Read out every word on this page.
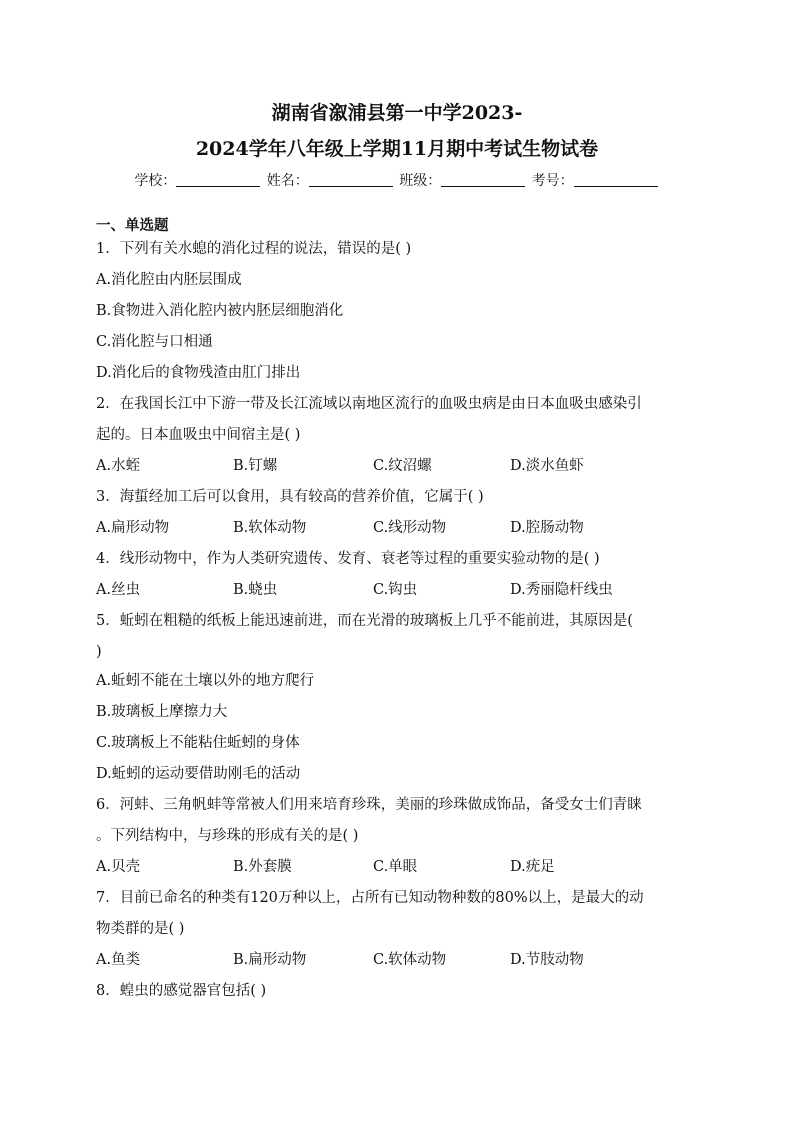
湖南省溆浦县第一中学2023-
2024学年八年级上学期11月期中考试生物试卷
学校：	姓名：	班级：	考号：
一、单选题
1．下列有关水螅的消化过程的说法，错误的是( )
A.消化腔由内胚层围成
B.食物进入消化腔内被内胚层细胞消化
C.消化腔与口相通
D.消化后的食物残渣由肛门排出
2．在我国长江中下游一带及长江流域以南地区流行的血吸虫病是由日本血吸虫感染引
起的。日本血吸虫中间宿主是( )
A.水蛭	B.钉螺	C.纹沼螺	D.淡水鱼虾
3．海蜇经加工后可以食用，具有较高的营养价值，它属于( )
A.扁形动物	B.软体动物	C.线形动物	D.腔肠动物
4．线形动物中，作为人类研究遗传、发育、衰老等过程的重要实验动物的是( )
A.丝虫	B.蛲虫	C.钩虫	D.秀丽隐杆线虫
5．蚯蚓在粗糙的纸板上能迅速前进，而在光滑的玻璃板上几乎不能前进，其原因是(
)
A.蚯蚓不能在土壤以外的地方爬行
B.玻璃板上摩擦力大
C.玻璃板上不能粘住蚯蚓的身体
D.蚯蚓的运动要借助刚毛的活动
6．河蚌、三角帆蚌等常被人们用来培育珍珠，美丽的珍珠做成饰品，备受女士们青睐
。下列结构中，与珍珠的形成有关的是( )
A.贝壳	B.外套膜	C.单眼	D.疣足
7．目前已命名的种类有120万种以上，占所有已知动物种数的80%以上，是最大的动
物类群的是( )
A.鱼类	B.扁形动物	C.软体动物	D.节肢动物
8．蝗虫的感觉器官包括( )
